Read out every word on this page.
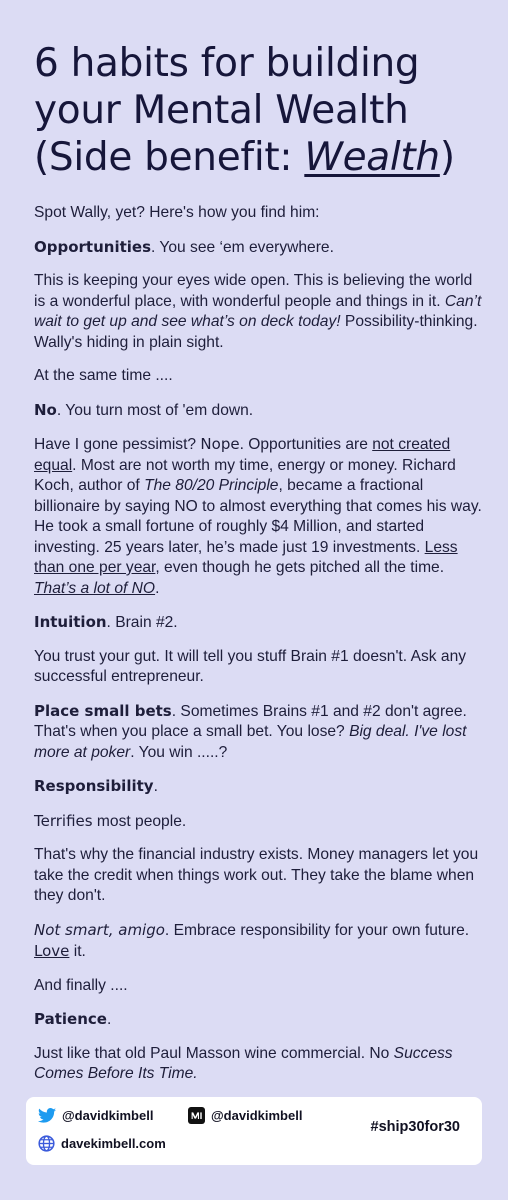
6 habits for building
your Mental Wealth
(Side benefit: Wealth)

Spot Wally, yet? Here's how you find him:

Opportunities. You see ‘em everywhere.

This is keeping your eyes wide open. This is believing the world is a wonderful place, with wonderful people and things in it. Can’t wait to get up and see what’s on deck today! Possibility-thinking. Wally's hiding in plain sight.

At the same time ....

No. You turn most of 'em down.

Have I gone pessimist? Nope. Opportunities are not created equal. Most are not worth my time, energy or money. Richard Koch, author of The 80/20 Principle, became a fractional billionaire by saying NO to almost everything that comes his way. He took a small fortune of roughly $4 Million, and started investing. 25 years later, he’s made just 19 investments. Less than one per year, even though he gets pitched all the time. That’s a lot of NO.

Intuition. Brain #2.

You trust your gut. It will tell you stuff Brain #1 doesn't. Ask any successful entrepreneur.

Place small bets. Sometimes Brains #1 and #2 don't agree. That's when you place a small bet. You lose? Big deal. I've lost more at poker. You win .....?

Responsibility.

Terrifies most people.

That's why the financial industry exists. Money managers let you take the credit when things work out. They take the blame when they don't.

Not smart, amigo. Embrace responsibility for your own future. Love it.

And finally ....

Patience.

Just like that old Paul Masson wine commercial. No Success Comes Before Its Time.

@davidkimbell	@davidkimbell
davekimbell.com
#ship30for30
